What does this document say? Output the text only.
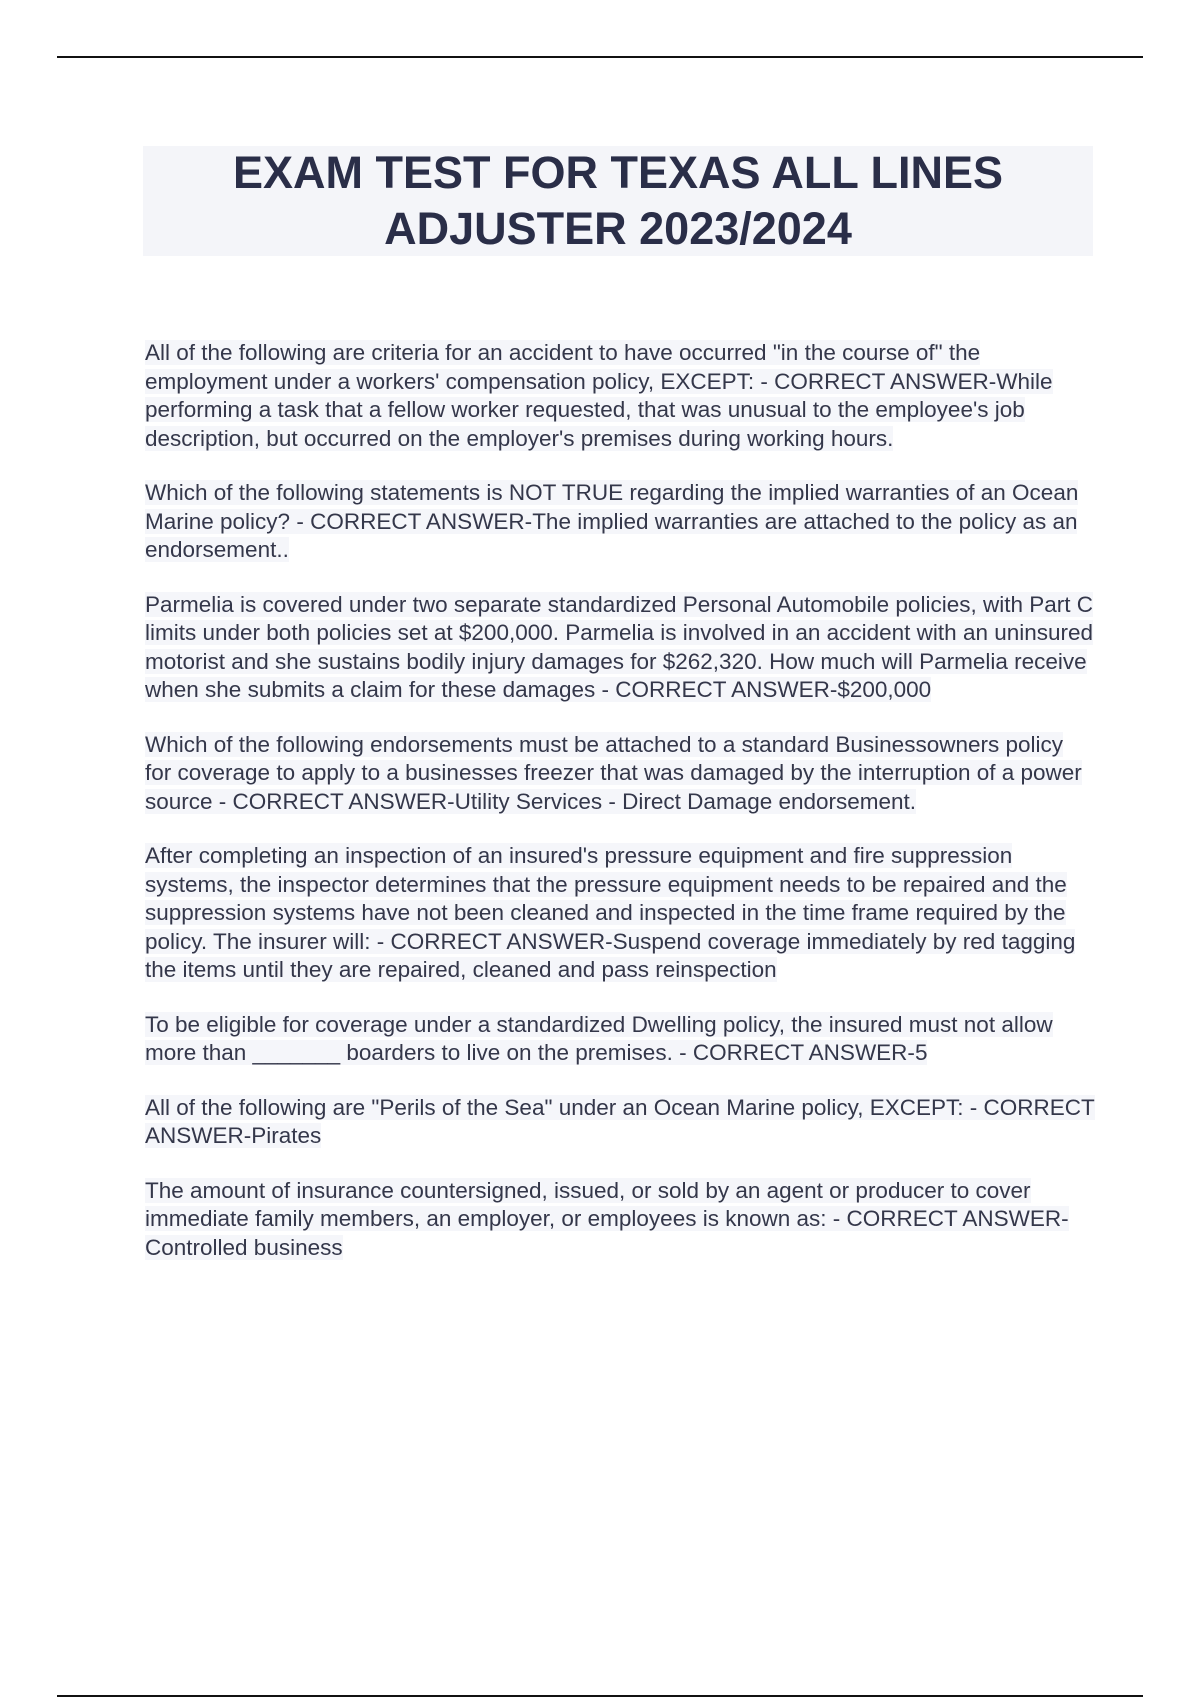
EXAM TEST FOR TEXAS ALL LINES
ADJUSTER 2023/2024

All of the following are criteria for an accident to have occurred "in the course of" the employment under a workers' compensation policy, EXCEPT: - CORRECT ANSWER-While performing a task that a fellow worker requested, that was unusual to the employee's job description, but occurred on the employer's premises during working hours.

Which of the following statements is NOT TRUE regarding the implied warranties of an Ocean Marine policy? - CORRECT ANSWER-The implied warranties are attached to the policy as an endorsement..

Parmelia is covered under two separate standardized Personal Automobile policies, with Part C limits under both policies set at $200,000. Parmelia is involved in an accident with an uninsured motorist and she sustains bodily injury damages for $262,320. How much will Parmelia receive when she submits a claim for these damages - CORRECT ANSWER-$200,000

Which of the following endorsements must be attached to a standard Businessowners policy for coverage to apply to a businesses freezer that was damaged by the interruption of a power source - CORRECT ANSWER-Utility Services - Direct Damage endorsement.

After completing an inspection of an insured's pressure equipment and fire suppression systems, the inspector determines that the pressure equipment needs to be repaired and the suppression systems have not been cleaned and inspected in the time frame required by the policy. The insurer will: - CORRECT ANSWER-Suspend coverage immediately by red tagging the items until they are repaired, cleaned and pass reinspection

To be eligible for coverage under a standardized Dwelling policy, the insured must not allow more than _______ boarders to live on the premises. - CORRECT ANSWER-5

All of the following are "Perils of the Sea" under an Ocean Marine policy, EXCEPT: - CORRECT ANSWER-Pirates

The amount of insurance countersigned, issued, or sold by an agent or producer to cover immediate family members, an employer, or employees is known as: - CORRECT ANSWER-Controlled business
